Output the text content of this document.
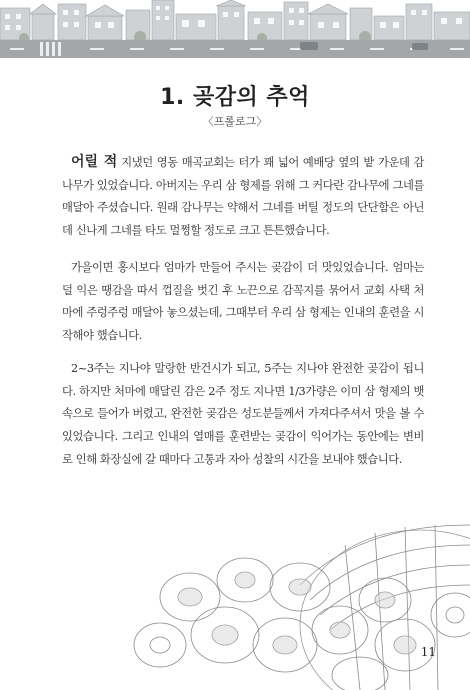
1. 곶감의 추억
〈프롤로그〉

어릴 적 지냈던 영동 매곡교회는 터가 꽤 넓어 예배당 옆의 밭 가운데 감나무가 있었습니다. 아버지는 우리 삼 형제를 위해 그 커다란 감나무에 그네를 매달아 주셨습니다. 원래 감나무는 약해서 그네를 버틸 정도의 단단함은 아닌데 신나게 그네를 타도 멀쩡할 정도로 크고 튼튼했습니다.

가을이면 홍시보다 엄마가 만들어 주시는 곶감이 더 맛있었습니다. 엄마는 덜 익은 땡감을 따서 껍질을 벗긴 후 노끈으로 감꼭지를 묶어서 교회 사택 처마에 주렁주렁 매달아 놓으셨는데, 그때부터 우리 삼 형제는 인내의 훈련을 시작해야 했습니다.

2~3주는 지나야 말랑한 반건시가 되고, 5주는 지나야 완전한 곶감이 됩니다. 하지만 처마에 매달린 감은 2주 정도 지나면 1/3가량은 이미 삼 형제의 뱃속으로 들어가 버렸고, 완전한 곶감은 성도분들께서 가져다주셔서 맛을 볼 수 있었습니다. 그리고 인내의 열매를 훈련받는 곶감이 익어가는 동안에는 변비로 인해 화장실에 갈 때마다 고통과 자아 성찰의 시간을 보내야 했습니다.

11
